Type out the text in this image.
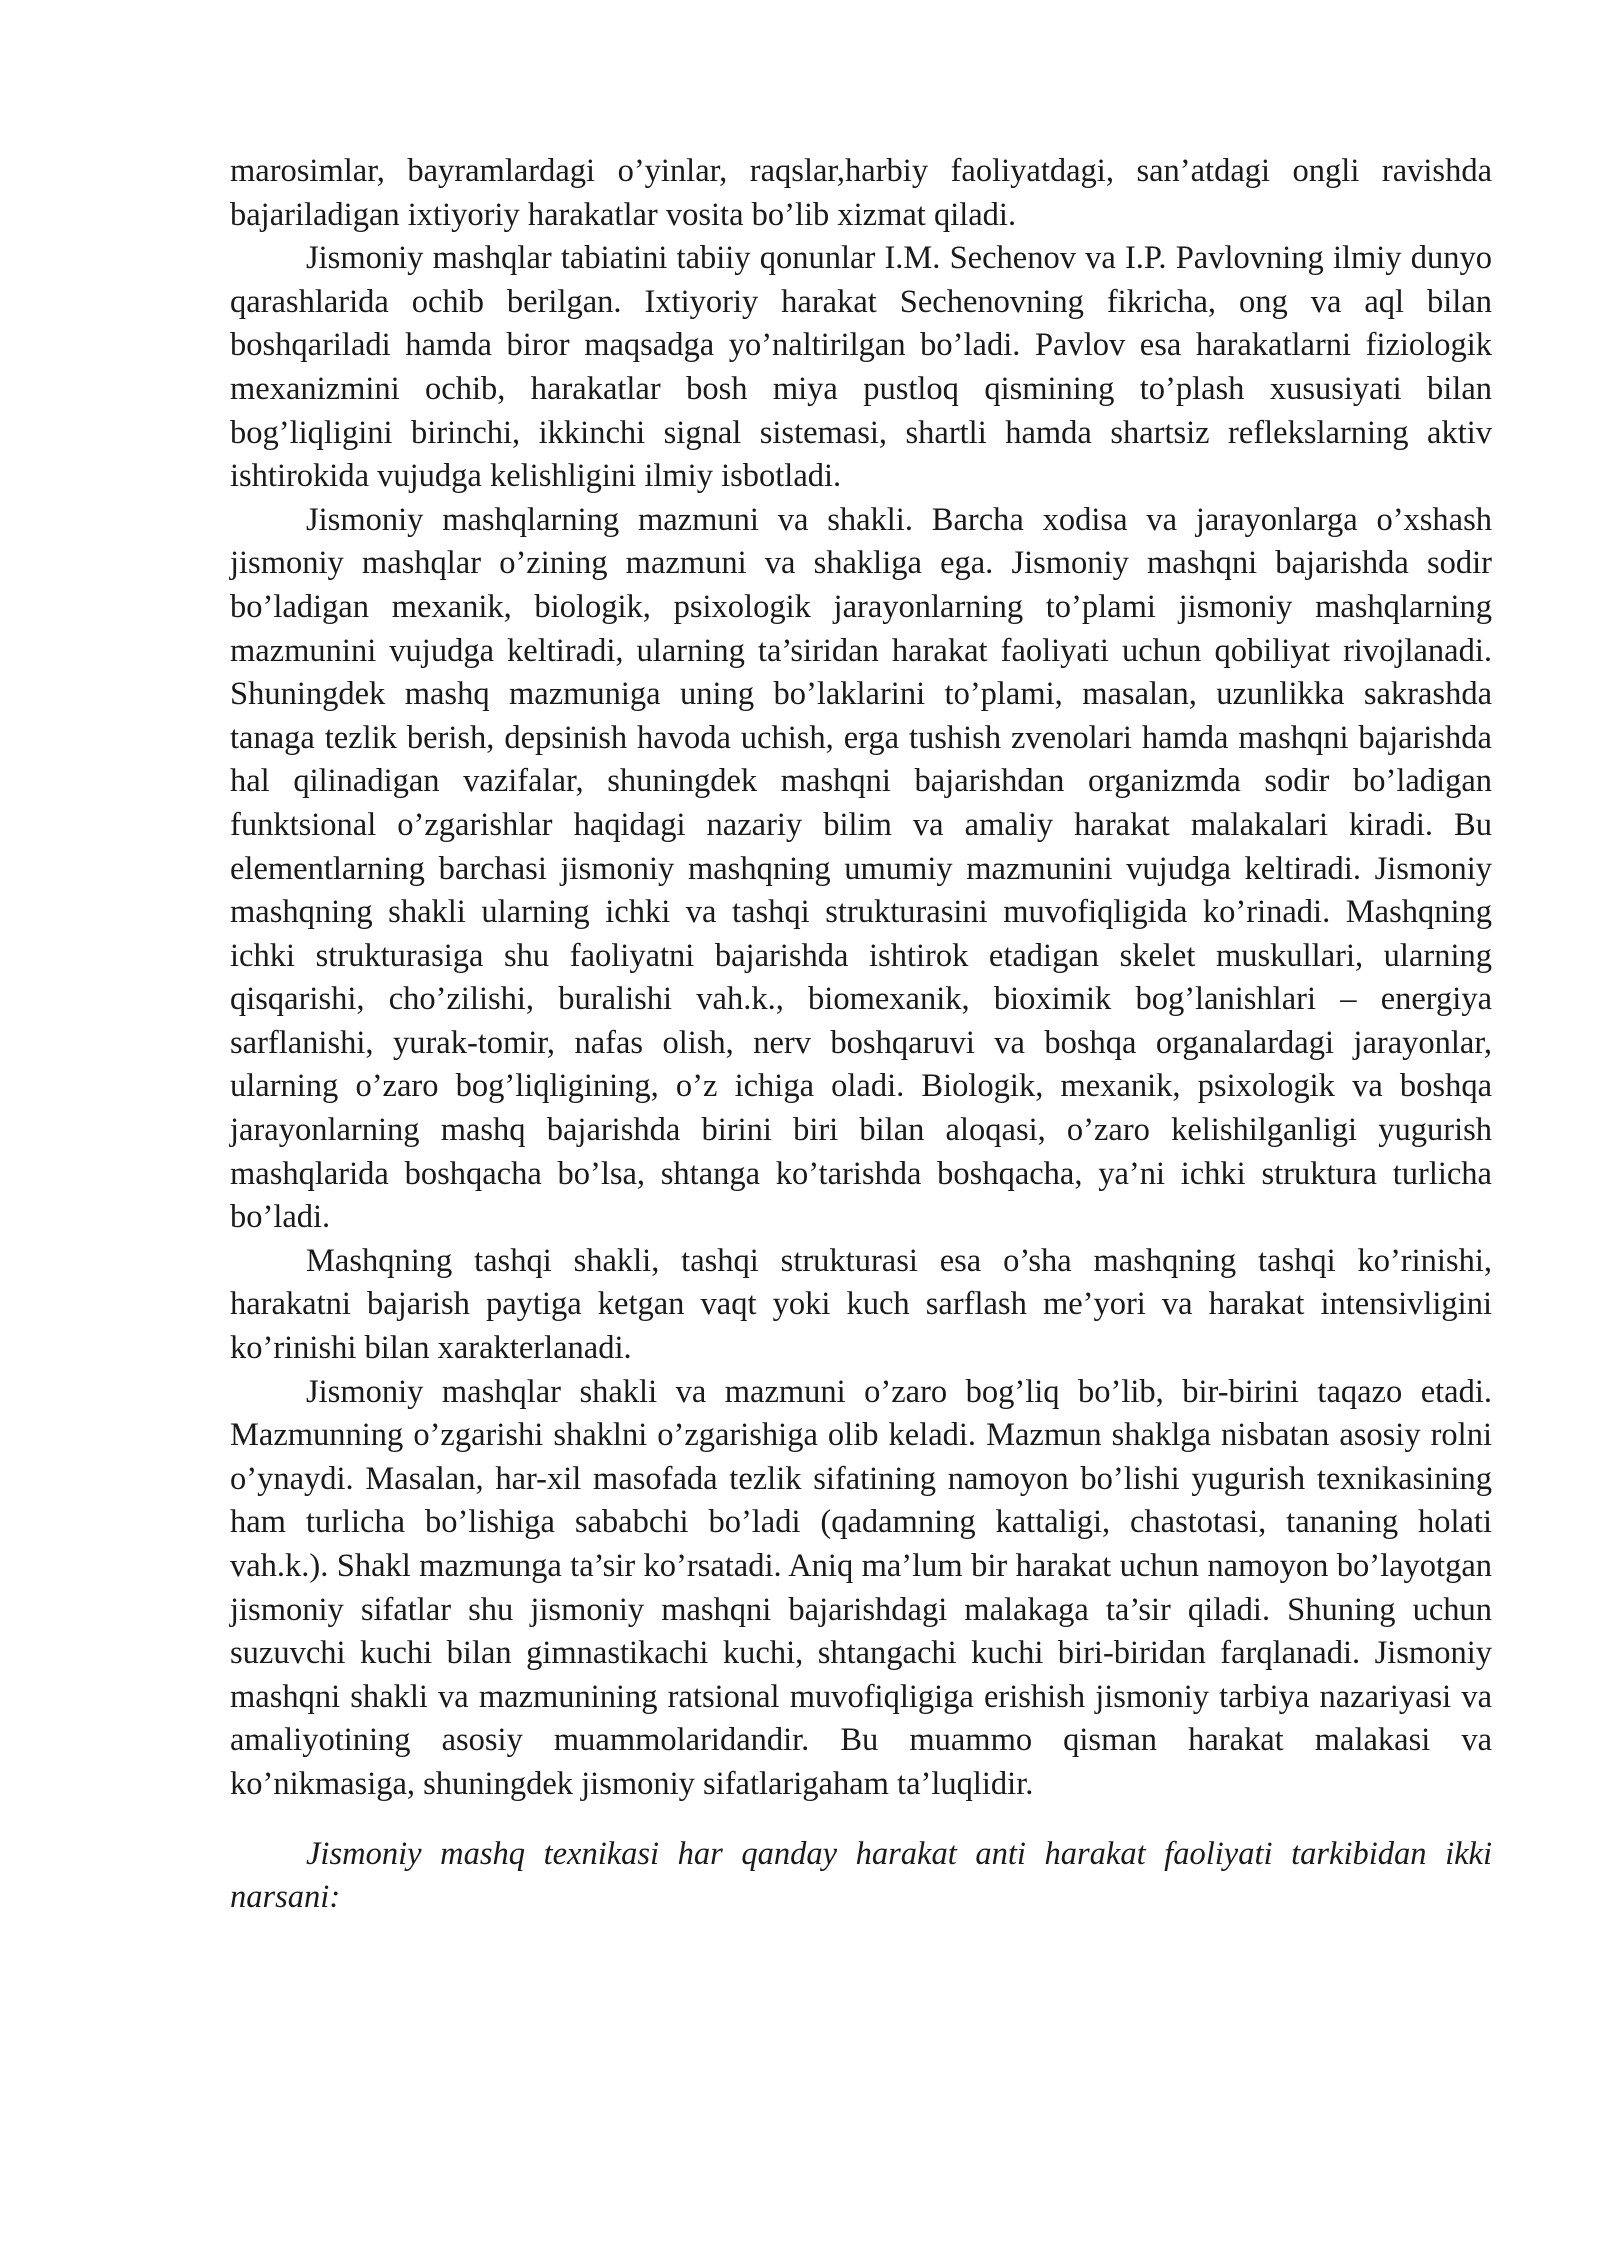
marosimlar, bayramlardagi o’yinlar, raqslar,harbiy faoliyatdagi, san’atdagi ongli ravishda bajariladigan ixtiyoriy harakatlar vosita bo’lib xizmat qiladi.

Jismoniy mashqlar tabiatini tabiiy qonunlar I.M. Sechenov va I.P. Pavlovning ilmiy dunyo qarashlarida ochib berilgan. Ixtiyoriy harakat Sechenovning fikricha, ong va aql bilan boshqariladi hamda biror maqsadga yo’naltirilgan bo’ladi. Pavlov esa harakatlarni fiziologik mexanizmini ochib, harakatlar bosh miya pustloq qismining to’plash xususiyati bilan bog’liqligini birinchi, ikkinchi signal sistemasi, shartli hamda shartsiz reflekslarning aktiv ishtirokida vujudga kelishligini ilmiy isbotladi.

Jismoniy mashqlarning mazmuni va shakli. Barcha xodisa va jarayonlarga o’xshash jismoniy mashqlar o’zining mazmuni va shakliga ega. Jismoniy mashqni bajarishda sodir bo’ladigan mexanik, biologik, psixologik jarayonlarning to’plami jismoniy mashqlarning mazmunini vujudga keltiradi, ularning ta’siridan harakat faoliyati uchun qobiliyat rivojlanadi. Shuningdek mashq mazmuniga uning bo’laklarini to’plami, masalan, uzunlikka sakrashda tanaga tezlik berish, depsinish havoda uchish, erga tushish zvenolari hamda mashqni bajarishda hal qilinadigan vazifalar, shuningdek mashqni bajarishdan organizmda sodir bo’ladigan funktsional o’zgarishlar haqidagi nazariy bilim va amaliy harakat malakalari kiradi. Bu elementlarning barchasi jismoniy mashqning umumiy mazmunini vujudga keltiradi. Jismoniy mashqning shakli ularning ichki va tashqi strukturasini muvofiqligida ko’rinadi. Mashqning ichki strukturasiga shu faoliyatni bajarishda ishtirok etadigan skelet muskullari, ularning qisqarishi, cho’zilishi, buralishi vah.k., biomexanik, bioximik bog’lanishlari – energiya sarflanishi, yurak-tomir, nafas olish, nerv boshqaruvi va boshqa organalardagi jarayonlar, ularning o’zaro bog’liqligining, o’z ichiga oladi. Biologik, mexanik, psixologik va boshqa jarayonlarning mashq bajarishda birini biri bilan aloqasi, o’zaro kelishilganligi yugurish mashqlarida boshqacha bo’lsa, shtanga ko’tarishda boshqacha, ya’ni ichki struktura turlicha bo’ladi.

Mashqning tashqi shakli, tashqi strukturasi esa o’sha mashqning tashqi ko’rinishi, harakatni bajarish paytiga ketgan vaqt yoki kuch sarflash me’yori va harakat intensivligini ko’rinishi bilan xarakterlanadi.

Jismoniy mashqlar shakli va mazmuni o’zaro bog’liq bo’lib, bir-birini taqazo etadi. Mazmunning o’zgarishi shaklni o’zgarishiga olib keladi. Mazmun shaklga nisbatan asosiy rolni o’ynaydi. Masalan, har-xil masofada tezlik sifatining namoyon bo’lishi yugurish texnikasining ham turlicha bo’lishiga sababchi bo’ladi (qadamning kattaligi, chastotasi, tananing holati vah.k.). Shakl mazmunga ta’sir ko’rsatadi. Aniq ma’lum bir harakat uchun namoyon bo’layotgan jismoniy sifatlar shu jismoniy mashqni bajarishdagi malakaga ta’sir qiladi. Shuning uchun suzuvchi kuchi bilan gimnastikachi kuchi, shtangachi kuchi biri-biridan farqlanadi. Jismoniy mashqni shakli va mazmunining ratsional muvofiqligiga erishish jismoniy tarbiya nazariyasi va amaliyotining asosiy muammolaridandir. Bu muammo qisman harakat malakasi va ko’nikmasiga, shuningdek jismoniy sifatlarigaham ta’luqlidir.

Jismoniy mashq texnikasi har qanday harakat anti harakat faoliyati tarkibidan ikki narsani:
